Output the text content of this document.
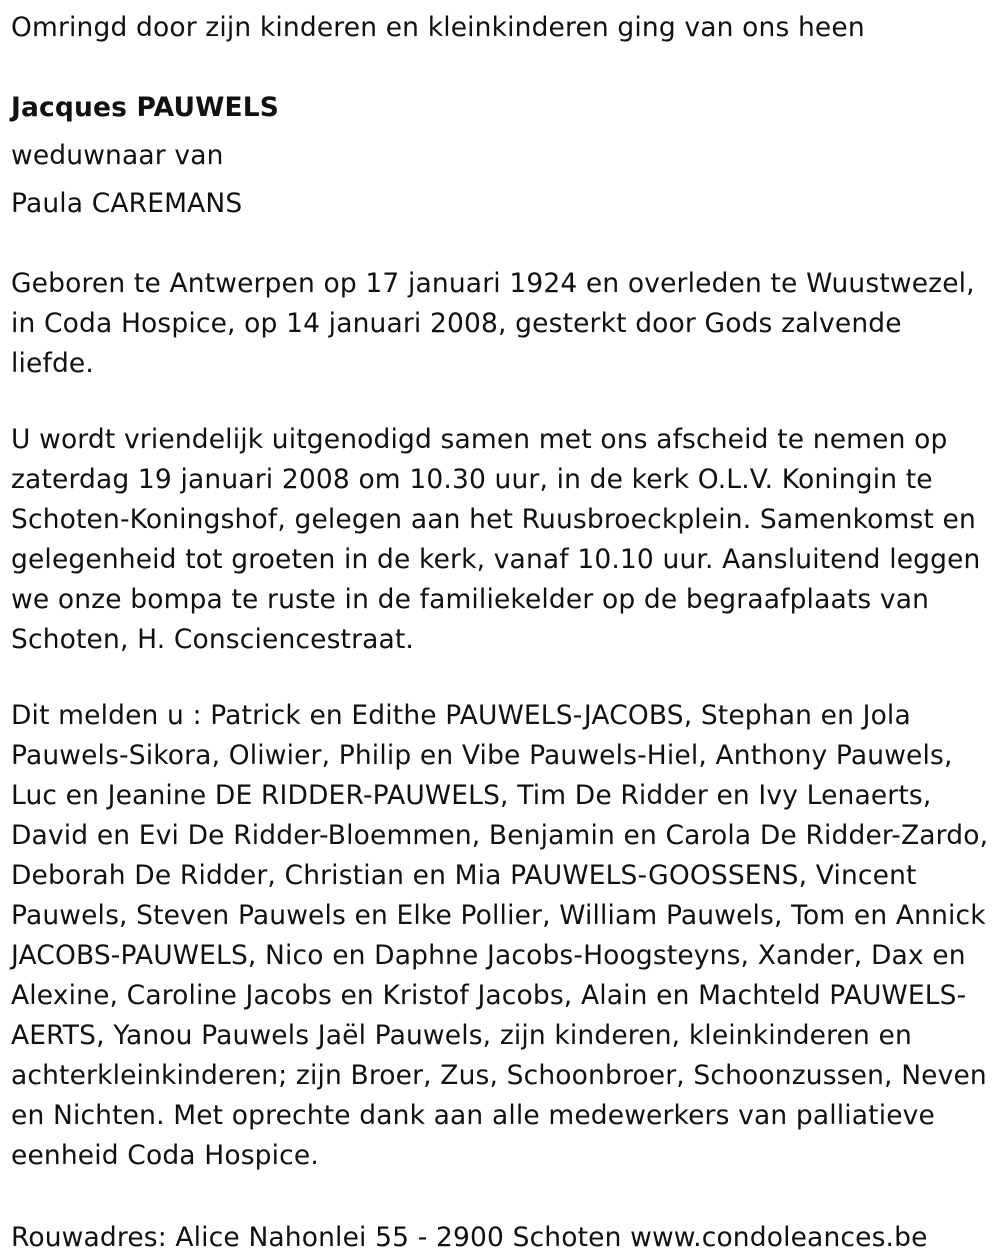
Omringd door zijn kinderen en kleinkinderen ging van ons heen

Jacques PAUWELS

weduwnaar van

Paula CAREMANS

Geboren te Antwerpen op 17 januari 1924 en overleden te Wuustwezel, in Coda Hospice, op 14 januari 2008, gesterkt door Gods zalvende liefde.

U wordt vriendelijk uitgenodigd samen met ons afscheid te nemen op zaterdag 19 januari 2008 om 10.30 uur, in de kerk O.L.V. Koningin te Schoten-Koningshof, gelegen aan het Ruusbroeckplein. Samenkomst en gelegenheid tot groeten in de kerk, vanaf 10.10 uur. Aansluitend leggen we onze bompa te ruste in de familiekelder op de begraafplaats van Schoten, H. Consciencestraat.

Dit melden u : Patrick en Edithe PAUWELS-JACOBS, Stephan en Jola Pauwels-Sikora, Oliwier, Philip en Vibe Pauwels-Hiel, Anthony Pauwels, Luc en Jeanine DE RIDDER-PAUWELS, Tim De Ridder en Ivy Lenaerts, David en Evi De Ridder-Bloemmen, Benjamin en Carola De Ridder-Zardo, Deborah De Ridder, Christian en Mia PAUWELS-GOOSSENS, Vincent Pauwels, Steven Pauwels en Elke Pollier, William Pauwels, Tom en Annick JACOBS-PAUWELS, Nico en Daphne Jacobs-Hoogsteyns, Xander, Dax en Alexine, Caroline Jacobs en Kristof Jacobs, Alain en Machteld PAUWELS-AERTS, Yanou Pauwels Jaël Pauwels, zijn kinderen, kleinkinderen en achterkleinkinderen; zijn Broer, Zus, Schoonbroer, Schoonzussen, Neven en Nichten. Met oprechte dank aan alle medewerkers van palliatieve eenheid Coda Hospice.

Rouwadres: Alice Nahonlei 55 - 2900 Schoten www.condoleances.be
